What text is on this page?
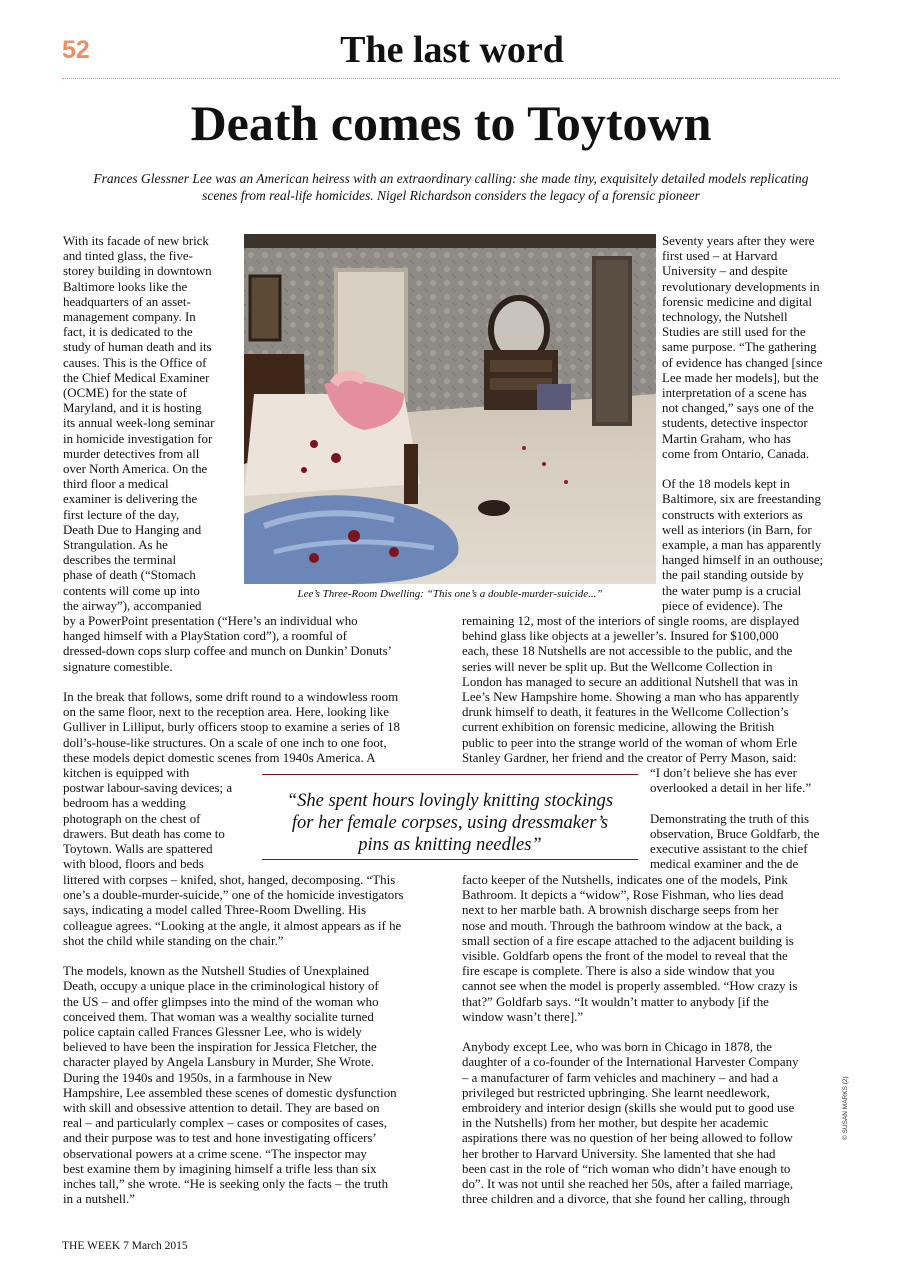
52	The last word
Death comes to Toytown
Frances Glessner Lee was an American heiress with an extraordinary calling: she made tiny, exquisitely detailed models replicating
scenes from real-life homicides. Nigel Richardson considers the legacy of a forensic pioneer
With its facade of new brick
and tinted glass, the five-
storey building in downtown
Baltimore looks like the
headquarters of an asset-
management company. In
fact, it is dedicated to the
study of human death and its
causes. This is the Office of
the Chief Medical Examiner
(OCME) for the state of
Maryland, and it is hosting
its annual week-long seminar
in homicide investigation for
murder detectives from all
over North America. On the
third floor a medical
examiner is delivering the
first lecture of the day,
Death Due to Hanging and
Strangulation. As he
describes the terminal
phase of death (“Stomach
contents will come up into
the airway”), accompanied
by a PowerPoint presentation (“Here’s an individual who
hanged himself with a PlayStation cord”), a roomful of
dressed-down cops slurp coffee and munch on Dunkin’ Donuts’
signature comestible.
In the break that follows, some drift round to a windowless room
on the same floor, next to the reception area. Here, looking like
Gulliver in Lilliput, burly officers stoop to examine a series of 18
doll’s-house-like structures. On a scale of one inch to one foot,
these models depict domestic scenes from 1940s America. A
kitchen is equipped with
postwar labour-saving devices; a
bedroom has a wedding
photograph on the chest of
drawers. But death has come to
Toytown. Walls are spattered
with blood, floors and beds
littered with corpses – knifed, shot, hanged, decomposing. “This
one’s a double-murder-suicide,” one of the homicide investigators
says, indicating a model called Three-Room Dwelling. His
colleague agrees. “Looking at the angle, it almost appears as if he
shot the child while standing on the chair.”
The models, known as the Nutshell Studies of Unexplained
Death, occupy a unique place in the criminological history of
the US – and offer glimpses into the mind of the woman who
conceived them. That woman was a wealthy socialite turned
police captain called Frances Glessner Lee, who is widely
believed to have been the inspiration for Jessica Fletcher, the
character played by Angela Lansbury in Murder, She Wrote.
During the 1940s and 1950s, in a farmhouse in New
Hampshire, Lee assembled these scenes of domestic dysfunction
with skill and obsessive attention to detail. They are based on
real – and particularly complex – cases or composites of cases,
and their purpose was to test and hone investigating officers’
observational powers at a crime scene. “The inspector may
best examine them by imagining himself a trifle less than six
inches tall,” she wrote. “He is seeking only the facts – the truth
in a nutshell.”
Seventy years after they were
first used – at Harvard
University – and despite
revolutionary developments in
forensic medicine and digital
technology, the Nutshell
Studies are still used for the
same purpose. “The gathering
of evidence has changed [since
Lee made her models], but the
interpretation of a scene has
not changed,” says one of the
students, detective inspector
Martin Graham, who has
come from Ontario, Canada.
Of the 18 models kept in
Baltimore, six are freestanding
constructs with exteriors as
well as interiors (in Barn, for
example, a man has apparently
hanged himself in an outhouse;
the pail standing outside by
the water pump is a crucial
piece of evidence). The
remaining 12, most of the interiors of single rooms, are displayed
behind glass like objects at a jeweller’s. Insured for $100,000
each, these 18 Nutshells are not accessible to the public, and the
series will never be split up. But the Wellcome Collection in
London has managed to secure an additional Nutshell that was in
Lee’s New Hampshire home. Showing a man who has apparently
drunk himself to death, it features in the Wellcome Collection’s
current exhibition on forensic medicine, allowing the British
public to peer into the strange world of the woman of whom Erle
Stanley Gardner, her friend and the creator of Perry Mason, said:
“I don’t believe she has ever
overlooked a detail in her life.”
Demonstrating the truth of this
observation, Bruce Goldfarb, the
executive assistant to the chief
medical examiner and the de
facto keeper of the Nutshells, indicates one of the models, Pink
Bathroom. It depicts a “widow”, Rose Fishman, who lies dead
next to her marble bath. A brownish discharge seeps from her
nose and mouth. Through the bathroom window at the back, a
small section of a fire escape attached to the adjacent building is
visible. Goldfarb opens the front of the model to reveal that the
fire escape is complete. There is also a side window that you
cannot see when the model is properly assembled. “How crazy is
that?” Goldfarb says. “It wouldn’t matter to anybody [if the
window wasn’t there].”
Anybody except Lee, who was born in Chicago in 1878, the
daughter of a co-founder of the International Harvester Company
– a manufacturer of farm vehicles and machinery – and had a
privileged but restricted upbringing. She learnt needlework,
embroidery and interior design (skills she would put to good use
in the Nutshells) from her mother, but despite her academic
aspirations there was no question of her being allowed to follow
her brother to Harvard University. She lamented that she had
been cast in the role of “rich woman who didn’t have enough to
do”. It was not until she reached her 50s, after a failed marriage,
three children and a divorce, that she found her calling, through
Lee’s Three-Room Dwelling: “This one’s a double-murder-suicide...”
“She spent hours lovingly knitting stockings
for her female corpses, using dressmaker’s
pins as knitting needles”
THE WEEK 7 March 2015
© SUSAN MARKS (2)
